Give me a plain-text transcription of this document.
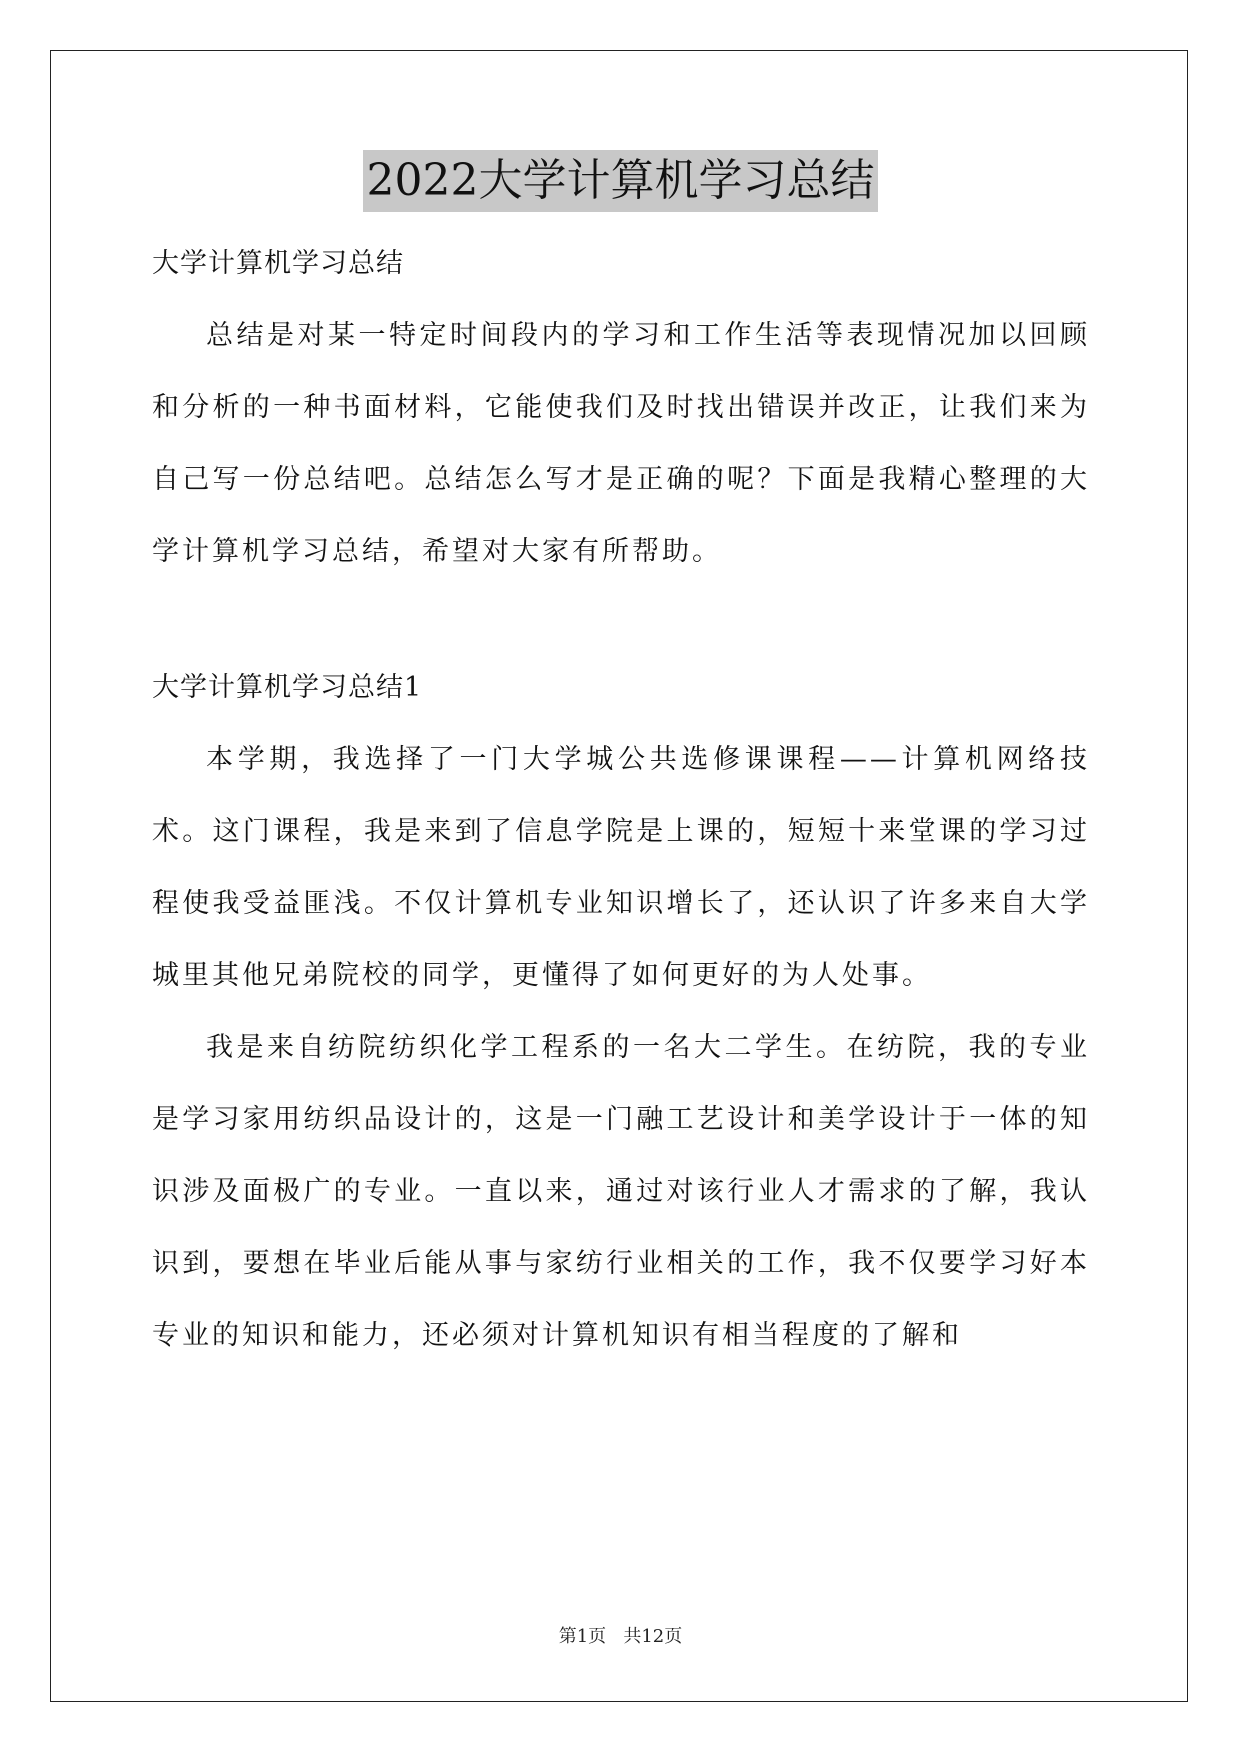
2022大学计算机学习总结

大学计算机学习总结

总结是对某一特定时间段内的学习和工作生活等表现情况加以回顾和分析的一种书面材料，它能使我们及时找出错误并改正，让我们来为自己写一份总结吧。总结怎么写才是正确的呢？下面是我精心整理的大学计算机学习总结，希望对大家有所帮助。

大学计算机学习总结1

本学期，我选择了一门大学城公共选修课课程——计算机网络技术。这门课程，我是来到了信息学院是上课的，短短十来堂课的学习过程使我受益匪浅。不仅计算机专业知识增长了，还认识了许多来自大学城里其他兄弟院校的同学，更懂得了如何更好的为人处事。

我是来自纺院纺织化学工程系的一名大二学生。在纺院，我的专业是学习家用纺织品设计的，这是一门融工艺设计和美学设计于一体的知识涉及面极广的专业。一直以来，通过对该行业人才需求的了解，我认识到，要想在毕业后能从事与家纺行业相关的工作，我不仅要学习好本专业的知识和能力，还必须对计算机知识有相当程度的了解和

第1页   共12页
